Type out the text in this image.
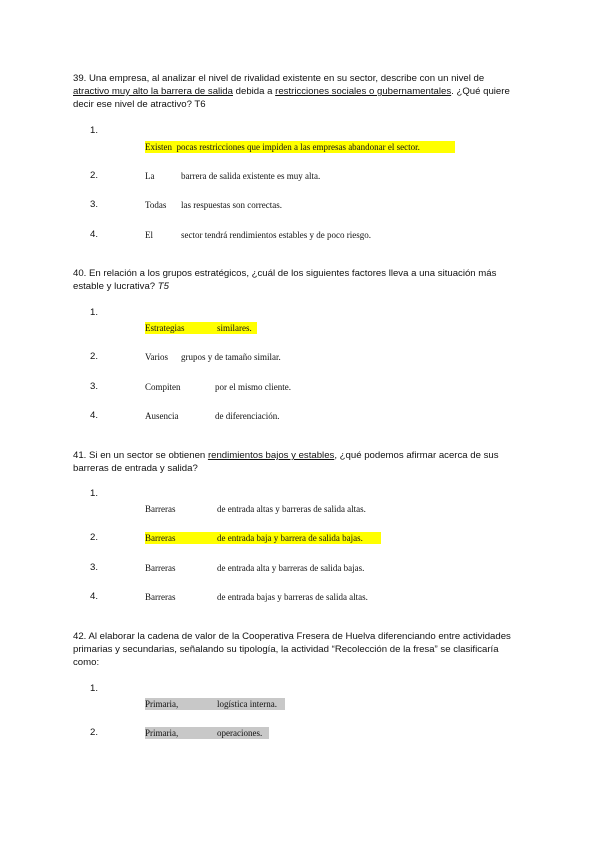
39. Una empresa, al analizar el nivel de rivalidad existente en su sector, describe con un nivel de atractivo muy alto la barrera de salida debida a restricciones sociales o gubernamentales. ¿Qué quiere decir ese nivel de atractivo? T6
1.
Existen pocas restricciones que impiden a las empresas abandonar el sector.
2.	La	barrera de salida existente es muy alta.
3.	Todas las respuestas son correctas.
4.	El	sector tendrá rendimientos estables y de poco riesgo.
40. En relación a los grupos estratégicos, ¿cuál de los siguientes factores lleva a una situación más estable y lucrativa? T5
1.
Estrategias	similares.
2.	Varios grupos y de tamaño similar.
3.	Compiten	por el mismo cliente.
4.	Ausencia	de diferenciación.
41. Si en un sector se obtienen rendimientos bajos y estables, ¿qué podemos afirmar acerca de sus barreras de entrada y salida?
1.
Barreras	de entrada altas y barreras de salida altas.
2.	Barreras	de entrada baja y barrera de salida bajas.
3.	Barreras	de entrada alta y barreras de salida bajas.
4.	Barreras	de entrada bajas y barreras de salida altas.
42. Al elaborar la cadena de valor de la Cooperativa Fresera de Huelva diferenciando entre actividades primarias y secundarias, señalando su tipología, la actividad “Recolección de la fresa” se clasificaría como:
1.
Primaria,	logística interna.
2.	Primaria,	operaciones.
